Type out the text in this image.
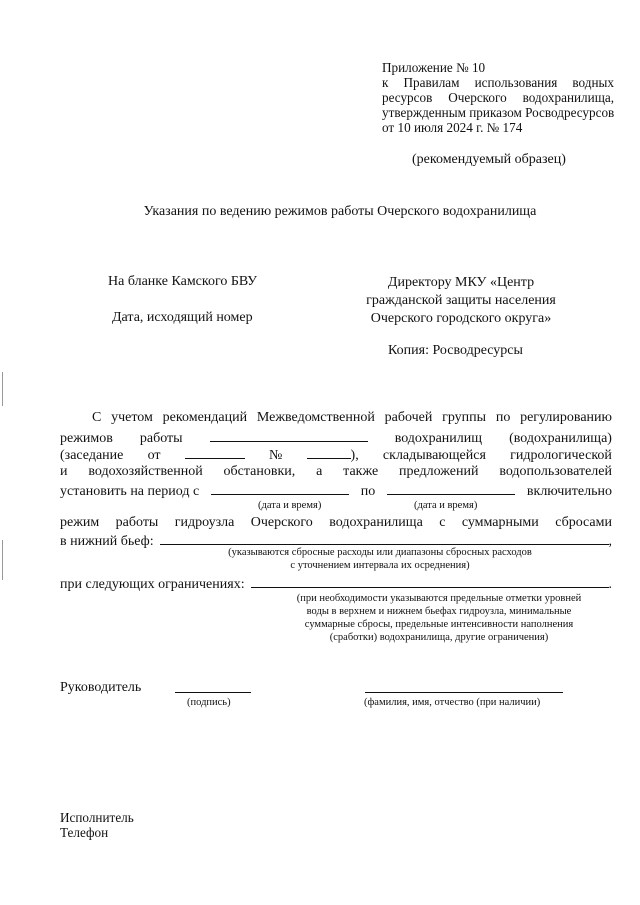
Приложение № 10
к Правилам использования водных
ресурсов Очерского водохранилища,
утвержденным приказом Росводресурсов
от 10 июля 2024 г. № 174
(рекомендуемый образец)
Указания по ведению режимов работы Очерского водохранилища
На бланке Камского БВУ
Дата, исходящий номер
Директору МКУ «Центр
гражданской защиты населения
Очерского городского округа»
Копия: Росводресурсы
С учетом рекомендаций Межведомственной рабочей группы по регулированию
режимов работы	водохранилищ (водохранилища)
(заседание от	№	), складывающейся гидрологической
и водохозяйственной обстановки, а также предложений водопользователей
установить на период с	по	включительно
(дата и время)	(дата и время)
режим работы гидроузла Очерского водохранилища с суммарными сбросами
в нижний бьеф:	,
(указываются сбросные расходы или диапазоны сбросных расходов
с уточнением интервала их осреднения)
при следующих ограничениях:	.
(при необходимости указываются предельные отметки уровней
воды в верхнем и нижнем бьефах гидроузла, минимальные
суммарные сбросы, предельные интенсивности наполнения
(сработки) водохранилища, другие ограничения)
Руководитель
(подпись)	(фамилия, имя, отчество (при наличии)
Исполнитель
Телефон
